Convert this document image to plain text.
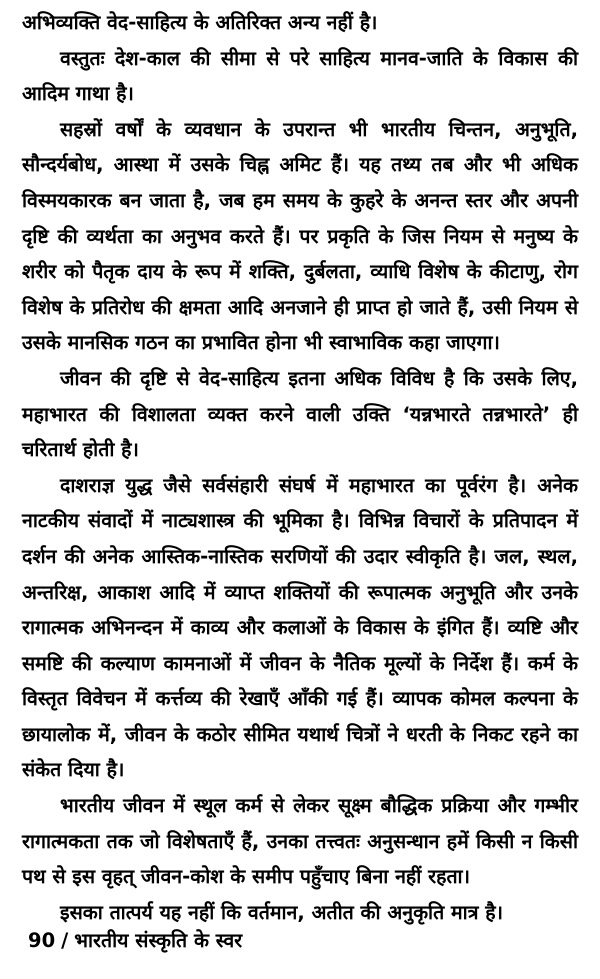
अभिव्यक्ति वेद-साहित्य के अतिरिक्त अन्य नहीं है।

वस्तुतः देश-काल की सीमा से परे साहित्य मानव-जाति के विकास की आदिम गाथा है।

सहस्रों वर्षों के व्यवधान के उपरान्त भी भारतीय चिन्तन, अनुभूति, सौन्दर्यबोध, आस्था में उसके चिह्न अमिट हैं। यह तथ्य तब और भी अधिक विस्मयकारक बन जाता है, जब हम समय के कुहरे के अनन्त स्तर और अपनी दृष्टि की व्यर्थता का अनुभव करते हैं। पर प्रकृति के जिस नियम से मनुष्य के शरीर को पैतृक दाय के रूप में शक्ति, दुर्बलता, व्याधि विशेष के कीटाणु, रोग विशेष के प्रतिरोध की क्षमता आदि अनजाने ही प्राप्त हो जाते हैं, उसी नियम से उसके मानसिक गठन का प्रभावित होना भी स्वाभाविक कहा जाएगा।

जीवन की दृष्टि से वेद-साहित्य इतना अधिक विविध है कि उसके लिए, महाभारत की विशालता व्यक्त करने वाली उक्ति ‘यन्नभारते तन्नभारते’ ही चरितार्थ होती है।

दाशराज्ञ युद्ध जैसे सर्वसंहारी संघर्ष में महाभारत का पूर्वरंग है। अनेक नाटकीय संवादों में नाट्यशास्त्र की भूमिका है। विभिन्न विचारों के प्रतिपादन में दर्शन की अनेक आस्तिक-नास्तिक सरणियों की उदार स्वीकृति है। जल, स्थल, अन्तरिक्ष, आकाश आदि में व्याप्त शक्तियों की रूपात्मक अनुभूति और उनके रागात्मक अभिनन्दन में काव्य और कलाओं के विकास के इंगित हैं। व्यष्टि और समष्टि की कल्याण कामनाओं में जीवन के नैतिक मूल्यों के निर्देश हैं। कर्म के विस्तृत विवेचन में कर्त्तव्य की रेखाएँ आँकी गई हैं। व्यापक कोमल कल्पना के छायालोक में, जीवन के कठोर सीमित यथार्थ चित्रों ने धरती के निकट रहने का संकेत दिया है।

भारतीय जीवन में स्थूल कर्म से लेकर सूक्ष्म बौद्धिक प्रक्रिया और गम्भीर रागात्मकता तक जो विशेषताएँ हैं, उनका तत्त्वतः अनुसन्धान हमें किसी न किसी पथ से इस वृहत् जीवन-कोश के समीप पहुँचाए बिना नहीं रहता।

इसका तात्पर्य यह नहीं कि वर्तमान, अतीत की अनुकृति मात्र है।

90 / भारतीय संस्कृति के स्वर
